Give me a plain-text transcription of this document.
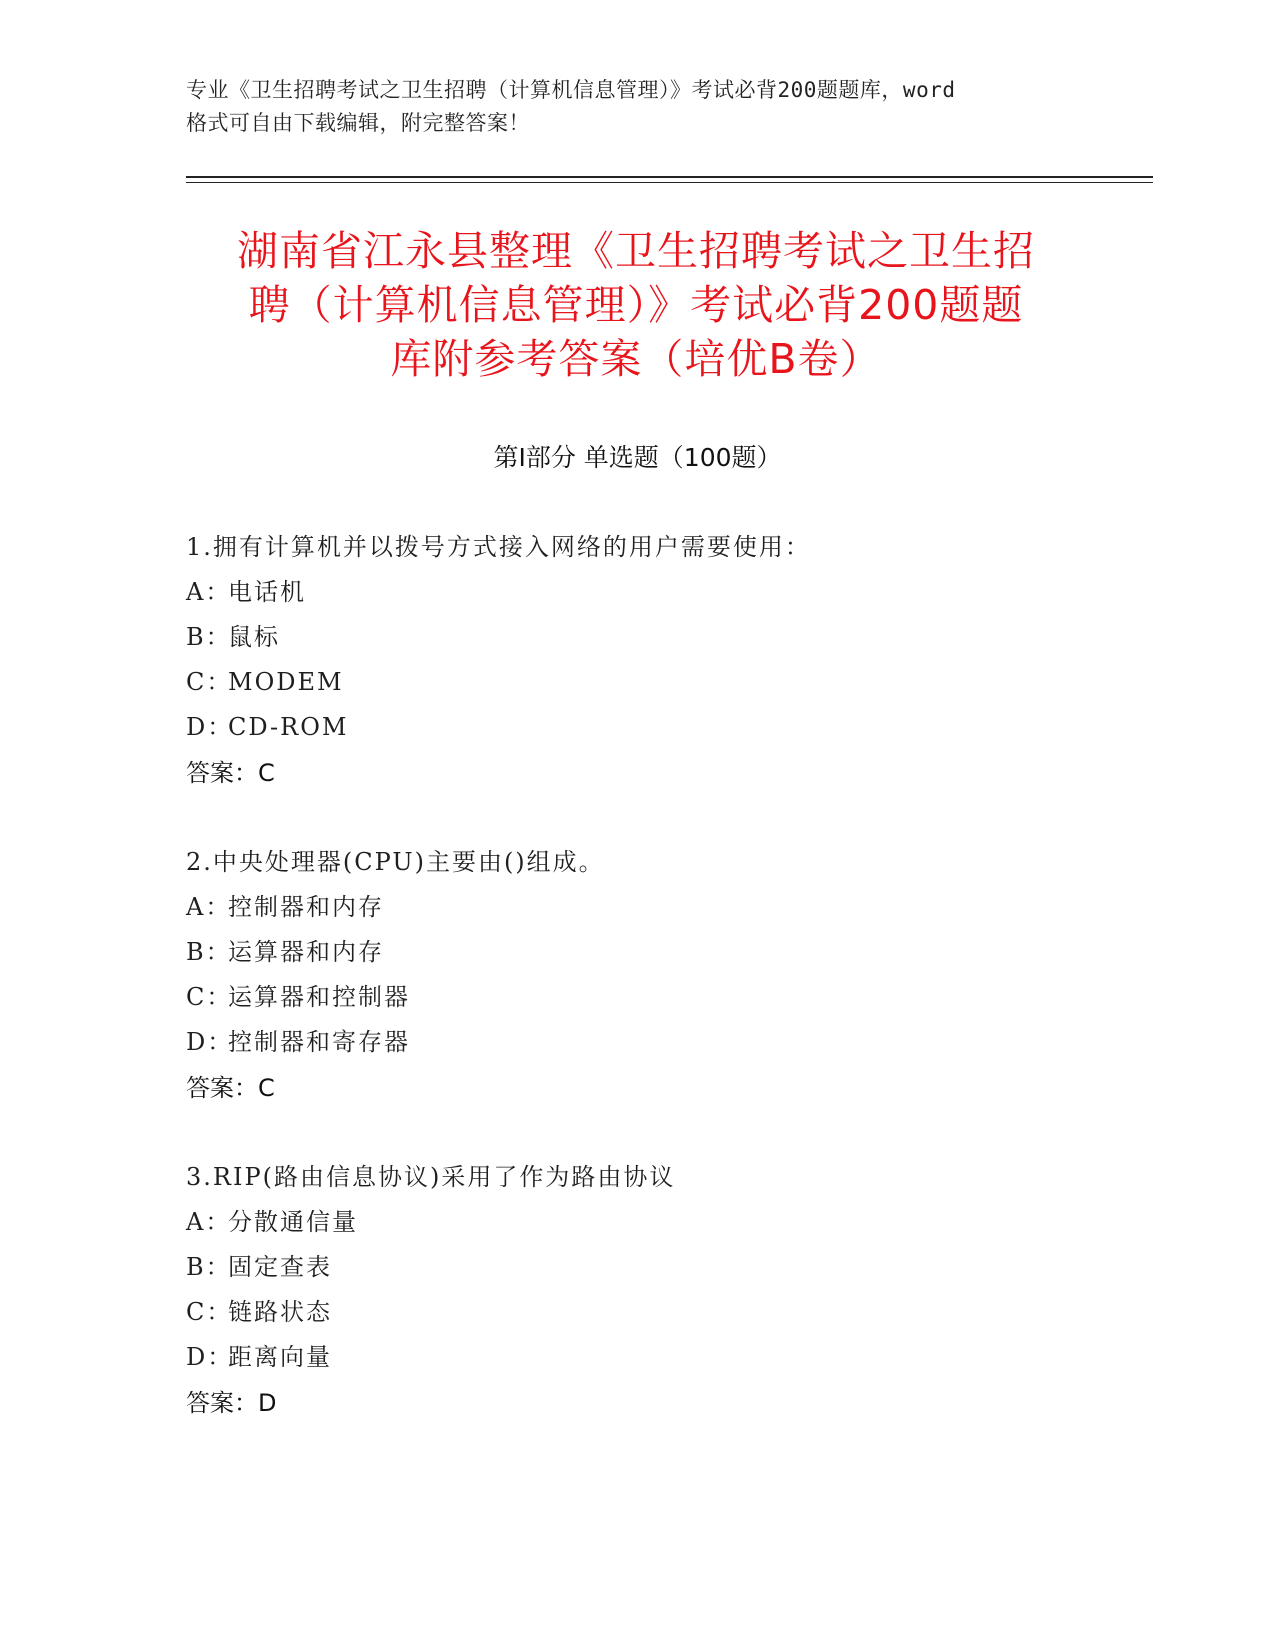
专业《卫生招聘考试之卫生招聘（计算机信息管理）》考试必背200题题库，word
格式可自由下载编辑，附完整答案！
湖南省江永县整理《卫生招聘考试之卫生招
聘（计算机信息管理）》考试必背200题题
库附参考答案（培优B卷）
第Ⅰ部分 单选题（100题）
1.拥有计算机并以拨号方式接入网络的用户需要使用：
A：电话机
B：鼠标
C：MODEM
D：CD-ROM
答案：C
2.中央处理器(CPU)主要由()组成。
A：控制器和内存
B：运算器和内存
C：运算器和控制器
D：控制器和寄存器
答案：C
3.RIP(路由信息协议)采用了作为路由协议
A：分散通信量
B：固定查表
C：链路状态
D：距离向量
答案：D
